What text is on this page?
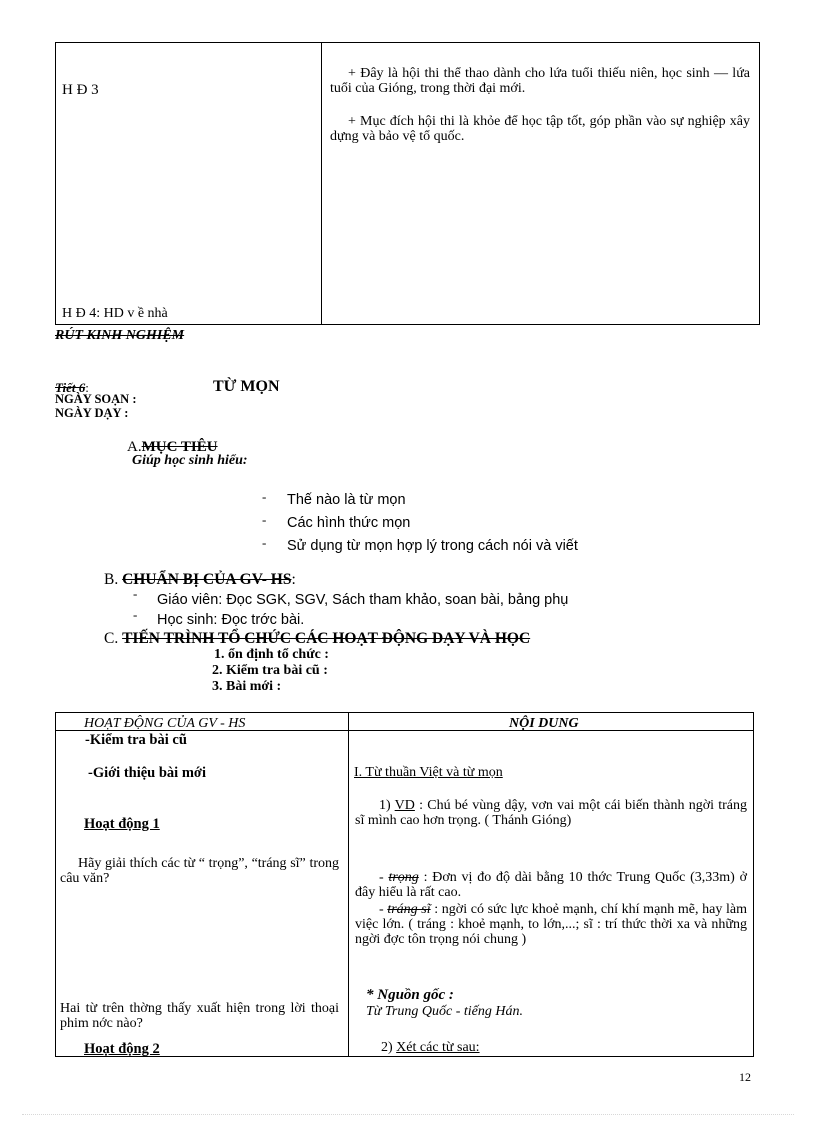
H Đ 3
H Đ 4: HD v ề nhà
+ Đây là hội thi thể thao dành cho lứa tuổi thiếu niên, học sinh — lứa tuổi của Gióng, trong thời đại mới.
+ Mục đích hội thi là khỏe để học tập tốt, góp phần vào sự nghiệp xây dựng và bảo vệ tổ quốc.
RÚT KINH NGHIỆM
Tiết 6:	TỪ MỌN
NGÀY SOẠN :
NGÀY DẠY :
A.MỤC TIÊU
Giúp học sinh hiểu:
- Thế nào là từ mọn
- Các hình thức mọn
- Sử dụng từ mọn hợp lý trong cách nói và viết
B. CHUẨN BỊ CỦA GV- HS:
- Giáo viên: Đọc SGK, SGV, Sách tham khảo, soan bài, bảng phụ
- Học sinh: Đọc trớc bài.
C. TIẾN TRÌNH TỔ CHỨC CÁC HOẠT ĐỘNG DẠY VÀ HỌC
1. ổn định tổ chức :
2. Kiểm tra bài cũ :
3. Bài mới :
HOẠT ĐỘNG CỦA GV - HS	NỘI DUNG
-Kiểm tra bài cũ
-Giới thiệu bài mới
Hoạt động 1
Hãy giải thích các từ “ trọng”, “tráng sĩ” trong câu văn?
Hai từ trên thờng thấy xuất hiện trong lời thoại phim nớc nào?
Hoạt động 2
I. Từ thuần Việt và từ mọn
1) VD : Chú bé vùng dậy, vơn vai một cái biến thành ngời tráng sĩ mình cao hơn trọng. ( Thánh Gióng)
- trọng : Đơn vị đo độ dài bằng 10 thớc Trung Quốc (3,33m) ở đây hiểu là rất cao.
- tráng sĩ : ngời có sức lực khoẻ mạnh, chí khí mạnh mẽ, hay làm việc lớn. ( tráng : khoẻ mạnh, to lớn,...; sĩ : trí thức thời xa và những ngời đợc tôn trọng nói chung )
* Nguồn gốc :
Từ Trung Quốc - tiếng Hán.
2) Xét các từ sau:
12
